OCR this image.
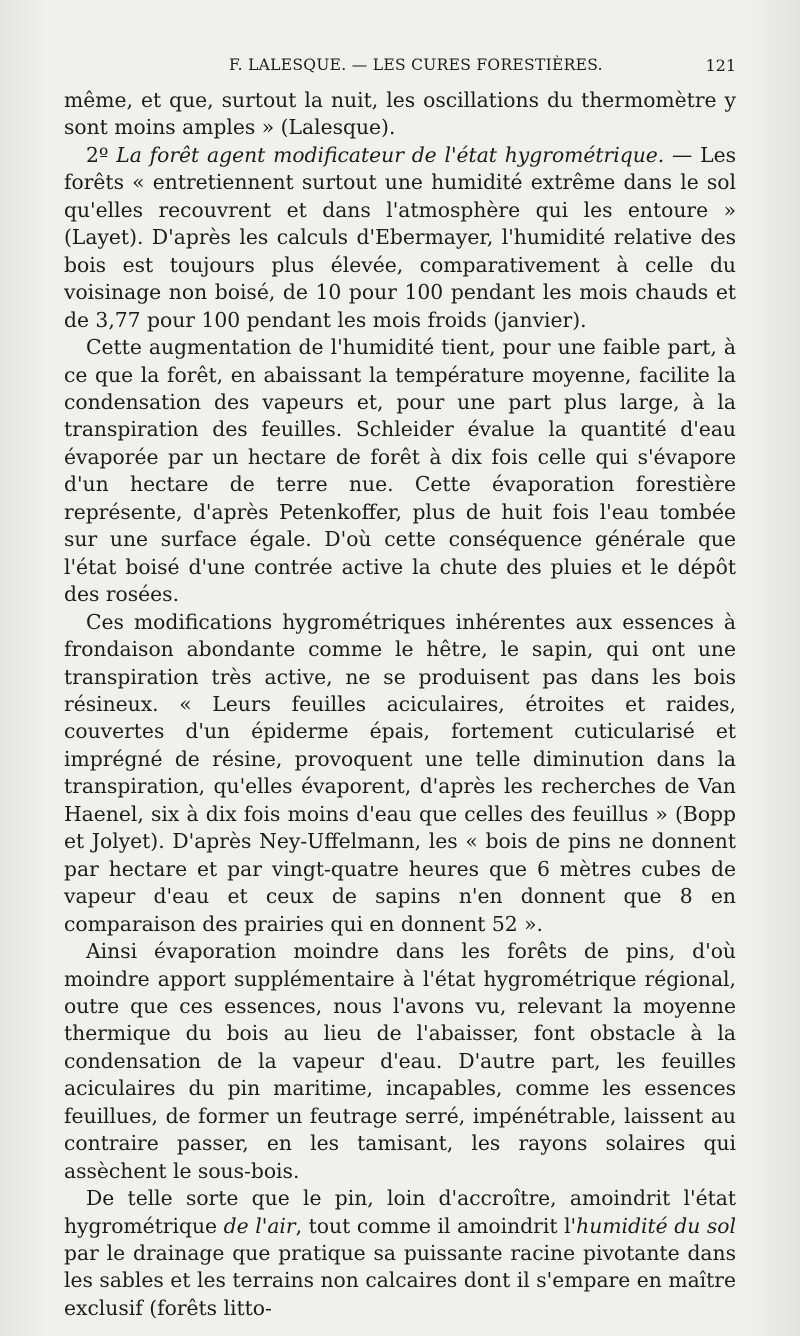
F. LALESQUE. — LES CURES FORESTIÈRES.	121

même, et que, surtout la nuit, les oscillations du thermomètre y sont moins amples » (Lalesque).

2º La forêt agent modificateur de l'état hygrométrique. — Les forêts « entretiennent surtout une humidité extrême dans le sol qu'elles recouvrent et dans l'atmosphère qui les entoure » (Layet). D'après les calculs d'Ebermayer, l'humidité relative des bois est toujours plus élevée, comparativement à celle du voisinage non boisé, de 10 pour 100 pendant les mois chauds et de 3,77 pour 100 pendant les mois froids (janvier).

Cette augmentation de l'humidité tient, pour une faible part, à ce que la forêt, en abaissant la température moyenne, facilite la condensation des vapeurs et, pour une part plus large, à la transpiration des feuilles. Schleider évalue la quantité d'eau évaporée par un hectare de forêt à dix fois celle qui s'évapore d'un hectare de terre nue. Cette évaporation forestière représente, d'après Petenkoffer, plus de huit fois l'eau tombée sur une surface égale. D'où cette conséquence générale que l'état boisé d'une contrée active la chute des pluies et le dépôt des rosées.

Ces modifications hygrométriques inhérentes aux essences à frondaison abondante comme le hêtre, le sapin, qui ont une transpiration très active, ne se produisent pas dans les bois résineux. « Leurs feuilles aciculaires, étroites et raides, couvertes d'un épiderme épais, fortement cuticularisé et imprégné de résine, provoquent une telle diminution dans la transpiration, qu'elles évaporent, d'après les recherches de Van Haenel, six à dix fois moins d'eau que celles des feuillus » (Bopp et Jolyet). D'après Ney-Uffelmann, les « bois de pins ne donnent par hectare et par vingt-quatre heures que 6 mètres cubes de vapeur d'eau et ceux de sapins n'en donnent que 8 en comparaison des prairies qui en donnent 52 ».

Ainsi évaporation moindre dans les forêts de pins, d'où moindre apport supplémentaire à l'état hygrométrique régional, outre que ces essences, nous l'avons vu, relevant la moyenne thermique du bois au lieu de l'abaisser, font obstacle à la condensation de la vapeur d'eau. D'autre part, les feuilles aciculaires du pin maritime, incapables, comme les essences feuillues, de former un feutrage serré, impénétrable, laissent au contraire passer, en les tamisant, les rayons solaires qui assèchent le sous-bois.

De telle sorte que le pin, loin d'accroître, amoindrit l'état hygrométrique de l'air, tout comme il amoindrit l'humidité du sol par le drainage que pratique sa puissante racine pivotante dans les sables et les terrains non calcaires dont il s'empare en maître exclusif (forêts litto-
